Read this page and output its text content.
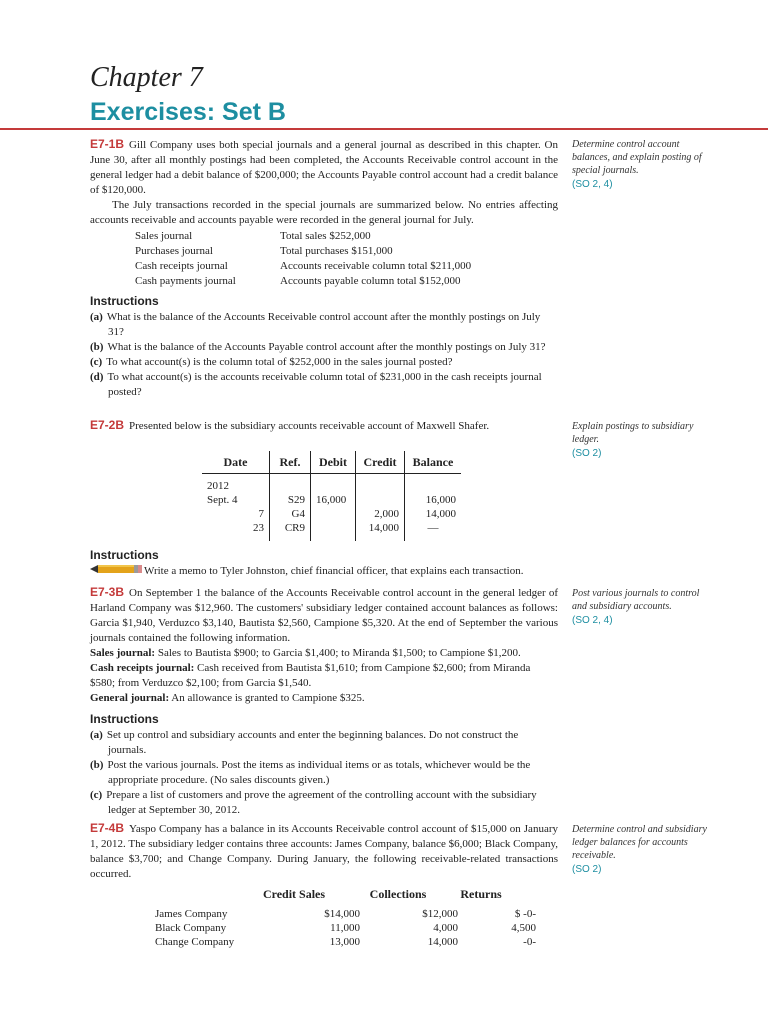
Chapter 7
Exercises: Set B

E7-1B Gill Company uses both special journals and a general journal as described in this chapter. On June 30, after all monthly postings had been completed, the Accounts Receivable control account in the general ledger had a debit balance of $200,000; the Accounts Payable control account had a credit balance of $120,000.

The July transactions recorded in the special journals are summarized below. No entries affecting accounts receivable and accounts payable were recorded in the general journal for July.

Determine control account balances, and explain posting of special journals.
(SO 2, 4)
Sales journal	Total sales $252,000
Purchases journal	Total purchases $151,000
Cash receipts journal	Accounts receivable column total $211,000
Cash payments journal	Accounts payable column total $152,000
Instructions

(a) What is the balance of the Accounts Receivable control account after the monthly postings on July 31?

(b) What is the balance of the Accounts Payable control account after the monthly postings on July 31?

(c) To what account(s) is the column total of $252,000 in the sales journal posted?

(d) To what account(s) is the accounts receivable column total of $231,000 in the cash receipts journal posted?

E7-2B Presented below is the subsidiary accounts receivable account of Maxwell Shafer.	Explain postings to subsidiary ledger.
(SO 2)
Date	Ref.	Debit	Credit	Balance
2012				
Sept. 4	S29	16,000		16,000
7	G4		2,000	14,000
23	CR9		14,000	—
Instructions

Write a memo to Tyler Johnston, chief financial officer, that explains each transaction.

E7-3B On September 1 the balance of the Accounts Receivable control account in the general ledger of Harland Company was $12,960. The customers' subsidiary ledger contained account balances as follows: Garcia $1,940, Verduzco $3,140, Bautista $2,560, Campione $5,320. At the end of September the various journals contained the following information.

Sales journal: Sales to Bautista $900; to Garcia $1,400; to Miranda $1,500; to Campione $1,200.

Cash receipts journal: Cash received from Bautista $1,610; from Campione $2,600; from Miranda $580; from Verduzco $2,100; from Garcia $1,540.

General journal: An allowance is granted to Campione $325.

Post various journals to control and subsidiary accounts.
(SO 2, 4)
Instructions

(a) Set up control and subsidiary accounts and enter the beginning balances. Do not construct the journals.

(b) Post the various journals. Post the items as individual items or as totals, whichever would be the appropriate procedure. (No sales discounts given.)

(c) Prepare a list of customers and prove the agreement of the controlling account with the subsidiary ledger at September 30, 2012.

E7-4B Yaspo Company has a balance in its Accounts Receivable control account of $15,000 on January 1, 2012. The subsidiary ledger contains three accounts: James Company, balance $6,000; Black Company, balance $3,700; and Change Company. During January, the following receivable-related transactions occurred.

Determine control and subsidiary ledger balances for accounts receivable.
(SO 2)
Credit Sales	Collections	Returns
James Company	$14,000	$12,000	$ -0-
Black Company	11,000	4,000	4,500
Change Company	13,000	14,000	-0-
